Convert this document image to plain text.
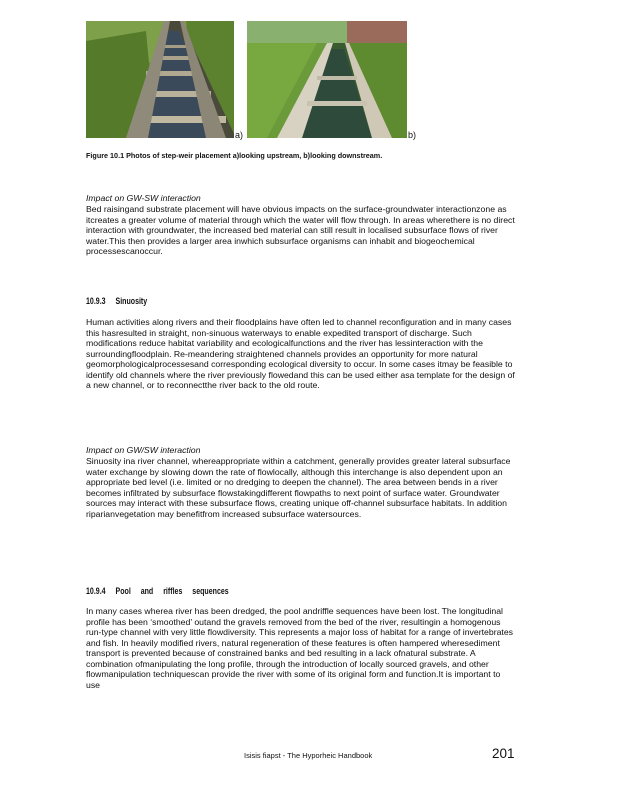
a)	b)
Figure 10.1 Photos of step-weir placement a)looking upstream, b)looking downstream.
Impact on GW-SW interaction
Bed raisingand substrate placement will have obvious impacts on the surface-groundwater interactionzone as itcreates a greater volume of material through which the water will flow through. In areas wherethere is no direct interaction with groundwater, the increased bed material can still result in localised subsurface flows of river water.This then provides a larger area inwhich subsurface organisms can inhabit and biogeochemical processescanoccur.
10.9.3 Sinuosity
Human activities along rivers and their floodplains have often led to channel reconfiguration and in many cases this hasresulted in straight, non-sinuous waterways to enable expedited transport of discharge. Such modifications reduce habitat variability and ecologicalfunctions and the river has lessinteraction with the surroundingfloodplain. Re-meandering straightened channels provides an opportunity for more natural geomorphologicalprocessesand corresponding ecological diversity to occur. In some cases itmay be feasible to identify old channels where the river previously flowedand this can be used either asa template for the design of a new channel, or to reconnectthe river back to the old route.
Impact on GW/SW interaction
Sinuosity ina river channel, whereappropriate within a catchment, generally provides greater lateral subsurface water exchange by slowing down the rate of flowlocally, although this interchange is also dependent upon an appropriate bed level (i.e. limited or no dredging to deepen the channel). The area between bends in a river becomes infiltrated by subsurface flowstakingdifferent flowpaths to next point of surface water. Groundwater sources may interact with these subsurface flows, creating unique off-channel subsurface habitats. In addition riparianvegetation may benefitfrom increased subsurface watersources.
10.9.4 Pool and riffles sequences
In many cases wherea river has been dredged, the pool andriffle sequences have been lost. The longitudinal profile has been ‘smoothed’ outand the gravels removed from the bed of the river, resultingin a homogenous run-type channel with very little flowdiversity. This represents a major loss of habitat for a range of invertebrates and fish. In heavily modified rivers, natural regeneration of these features is often hampered wheresediment transport is prevented because of constrained banks and bed resulting in a lack ofnatural substrate. A combination ofmanipulating the long profile, through the introduction of locally sourced gravels, and other flowmanipulation techniquescan provide the river with some of its original form and function.It is important to use
Isisis fiapst - The Hyporheic Handbook	201
